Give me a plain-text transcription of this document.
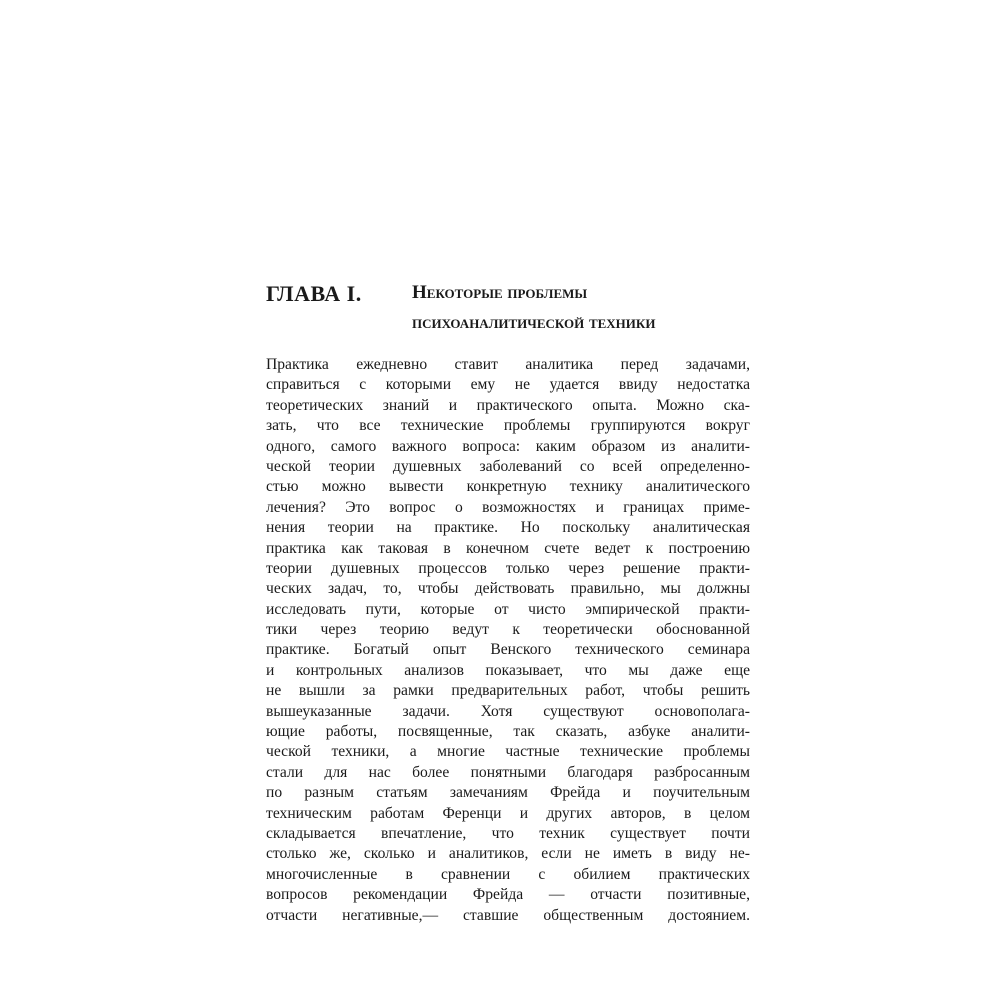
ГЛАВА I.	Некоторые проблемы
психоаналитической техники
Практика ежедневно ставит аналитика перед задачами,
справиться с которыми ему не удается ввиду недостатка
теоретических знаний и практического опыта. Можно ска-
зать, что все технические проблемы группируются вокруг
одного, самого важного вопроса: каким образом из аналити-
ческой теории душевных заболеваний со всей определенно-
стью можно вывести конкретную технику аналитического
лечения? Это вопрос о возможностях и границах приме-
нения теории на практике. Но поскольку аналитическая
практика как таковая в конечном счете ведет к построению
теории душевных процессов только через решение практи-
ческих задач, то, чтобы действовать правильно, мы должны
исследовать пути, которые от чисто эмпирической практи-
тики через теорию ведут к теоретически обоснованной
практике. Богатый опыт Венского технического семинара
и контрольных анализов показывает, что мы даже еще
не вышли за рамки предварительных работ, чтобы решить
вышеуказанные задачи. Хотя существуют основополага-
ющие работы, посвященные, так сказать, азбуке аналити-
ческой техники, а многие частные технические проблемы
стали для нас более понятными благодаря разбросанным
по разным статьям замечаниям Фрейда и поучительным
техническим работам Ференци и других авторов, в целом
складывается впечатление, что техник существует почти
столько же, сколько и аналитиков, если не иметь в виду не-
многочисленные в сравнении с обилием практических
вопросов рекомендации Фрейда — отчасти позитивные,
отчасти негативные,— ставшие общественным достоянием.
